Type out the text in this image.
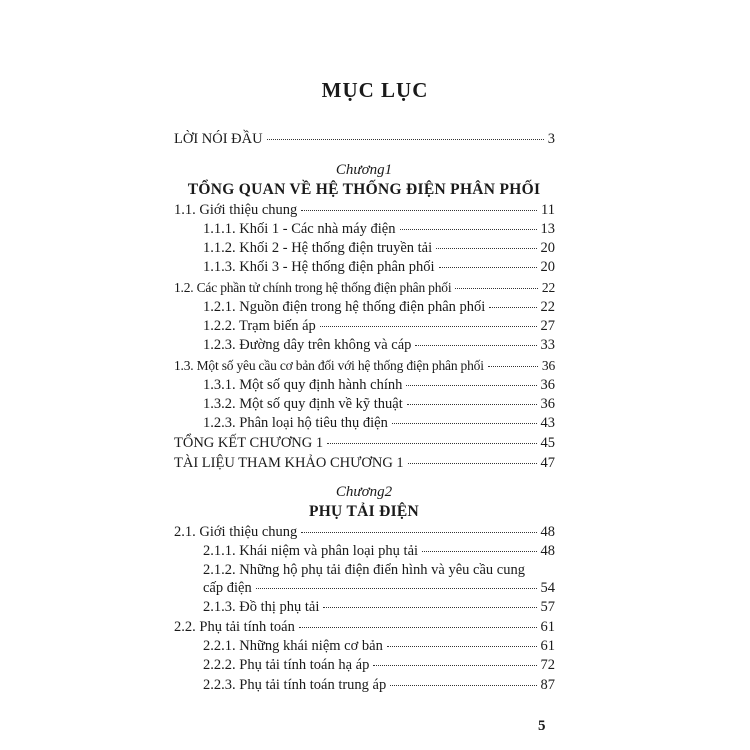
MỤC LỤC
LỜI NÓI ĐẦU	3
Chương1
TỔNG QUAN VỀ HỆ THỐNG ĐIỆN PHÂN PHỐI
1.1. Giới thiệu chung	11
1.1.1. Khối 1 - Các nhà máy điện	13
1.1.2. Khối 2 - Hệ thống điện truyền tải	20
1.1.3. Khối 3 - Hệ thống điện phân phối	20
1.2. Các phần tử chính trong hệ thống điện phân phối	22
1.2.1. Nguồn điện trong hệ thống điện phân phối	22
1.2.2. Trạm biến áp	27
1.2.3. Đường dây trên không và cáp	33
1.3. Một số yêu cầu cơ bản đối với hệ thống điện phân phối	36
1.3.1. Một số quy định hành chính	36
1.3.2. Một số quy định về kỹ thuật	36
1.2.3. Phân loại hộ tiêu thụ điện	43
TỔNG KẾT CHƯƠNG 1	45
TÀI LIỆU THAM KHẢO CHƯƠNG 1	47
Chương2
PHỤ TẢI ĐIỆN
2.1. Giới thiệu chung	48
2.1.1. Khái niệm và phân loại phụ tải	48
2.1.2. Những hộ phụ tải điện điển hình và yêu cầu cung
cấp điện	54
2.1.3. Đồ thị phụ tải	57
2.2. Phụ tải tính toán	61
2.2.1. Những khái niệm cơ bản	61
2.2.2. Phụ tải tính toán hạ áp	72
2.2.3. Phụ tải tính toán trung áp	87
5
